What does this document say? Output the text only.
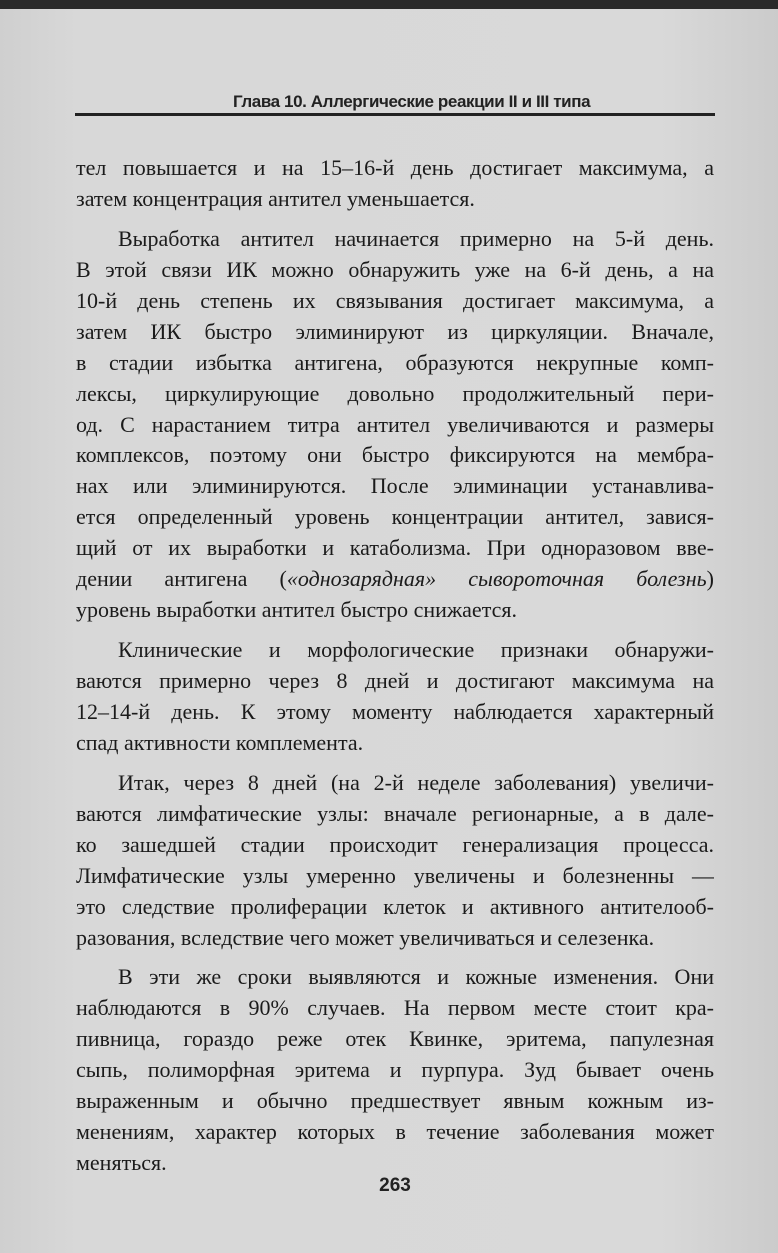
Глава 10. Аллергические реакции II и III типа
тел повышается и на 15–16-й день достигает максимума, а
затем концентрация антител уменьшается.
Выработка антител начинается примерно на 5-й день.
В этой связи ИК можно обнаружить уже на 6-й день, а на
10-й день степень их связывания достигает максимума, а
затем ИК быстро элиминируют из циркуляции. Вначале,
в стадии избытка антигена, образуются некрупные комп-
лексы, циркулирующие довольно продолжительный пери-
од. С нарастанием титра антител увеличиваются и размеры
комплексов, поэтому они быстро фиксируются на мембра-
нах или элиминируются. После элиминации устанавлива-
ется определенный уровень концентрации антител, завися-
щий от их выработки и катаболизма. При одноразовом вве-
дении антигена («однозарядная» сывороточная болезнь)
уровень выработки антител быстро снижается.
Клинические и морфологические признаки обнаружи-
ваются примерно через 8 дней и достигают максимума на
12–14-й день. К этому моменту наблюдается характерный
спад активности комплемента.
Итак, через 8 дней (на 2-й неделе заболевания) увеличи-
ваются лимфатические узлы: вначале регионарные, а в дале-
ко зашедшей стадии происходит генерализация процесса.
Лимфатические узлы умеренно увеличены и болезненны —
это следствие пролиферации клеток и активного антителооб-
разования, вследствие чего может увеличиваться и селезенка.
В эти же сроки выявляются и кожные изменения. Они
наблюдаются в 90% случаев. На первом месте стоит кра-
пивница, гораздо реже отек Квинке, эритема, папулезная
сыпь, полиморфная эритема и пурпура. Зуд бывает очень
выраженным и обычно предшествует явным кожным из-
менениям, характер которых в течение заболевания может
меняться.
263
